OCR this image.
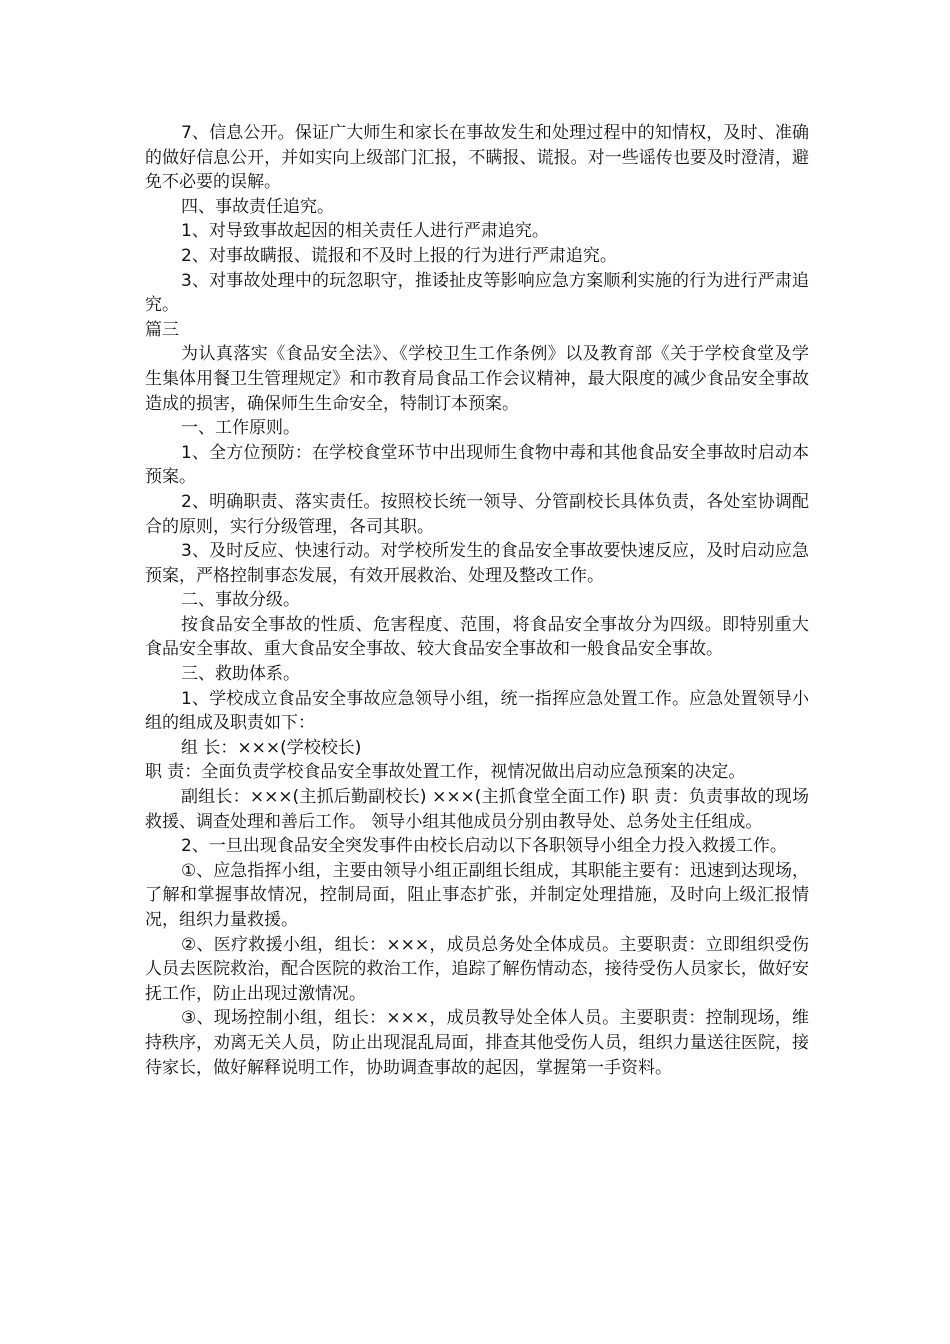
7、信息公开。保证广大师生和家长在事故发生和处理过程中的知情权，及时、准确的做好信息公开，并如实向上级部门汇报，不瞒报、谎报。对一些谣传也要及时澄清，避免不必要的误解。

四、事故责任追究。

1、对导致事故起因的相关责任人进行严肃追究。

2、对事故瞒报、谎报和不及时上报的行为进行严肃追究。

3、对事故处理中的玩忽职守，推诿扯皮等影响应急方案顺利实施的行为进行严肃追究。

篇三

为认真落实《食品安全法》、《学校卫生工作条例》以及教育部《关于学校食堂及学生集体用餐卫生管理规定》和市教育局食品工作会议精神，最大限度的减少食品安全事故造成的损害，确保师生生命安全，特制订本预案。

一、工作原则。

1、全方位预防：在学校食堂环节中出现师生食物中毒和其他食品安全事故时启动本预案。

2、明确职责、落实责任。按照校长统一领导、分管副校长具体负责，各处室协调配合的原则，实行分级管理，各司其职。

3、及时反应、快速行动。对学校所发生的食品安全事故要快速反应，及时启动应急预案，严格控制事态发展，有效开展救治、处理及整改工作。

二、事故分级。

按食品安全事故的性质、危害程度、范围，将食品安全事故分为四级。即特别重大食品安全事故、重大食品安全事故、较大食品安全事故和一般食品安全事故。

三、救助体系。

1、学校成立食品安全事故应急领导小组，统一指挥应急处置工作。应急处置领导小组的组成及职责如下：

组 长：×××(学校校长)

职 责：全面负责学校食品安全事故处置工作，视情况做出启动应急预案的决定。

副组长：×××(主抓后勤副校长) ×××(主抓食堂全面工作) 职 责：负责事故的现场救援、调查处理和善后工作。 领导小组其他成员分别由教导处、总务处主任组成。

2、一旦出现食品安全突发事件由校长启动以下各职领导小组全力投入救援工作。

①、应急指挥小组，主要由领导小组正副组长组成，其职能主要有：迅速到达现场，了解和掌握事故情况，控制局面，阻止事态扩张，并制定处理措施，及时向上级汇报情况，组织力量救援。

②、医疗救援小组，组长：×××，成员总务处全体成员。主要职责：立即组织受伤人员去医院救治，配合医院的救治工作，追踪了解伤情动态，接待受伤人员家长，做好安抚工作，防止出现过激情况。

③、现场控制小组，组长：×××，成员教导处全体人员。主要职责：控制现场，维持秩序，劝离无关人员，防止出现混乱局面，排查其他受伤人员，组织力量送往医院，接待家长，做好解释说明工作，协助调查事故的起因，掌握第一手资料。
